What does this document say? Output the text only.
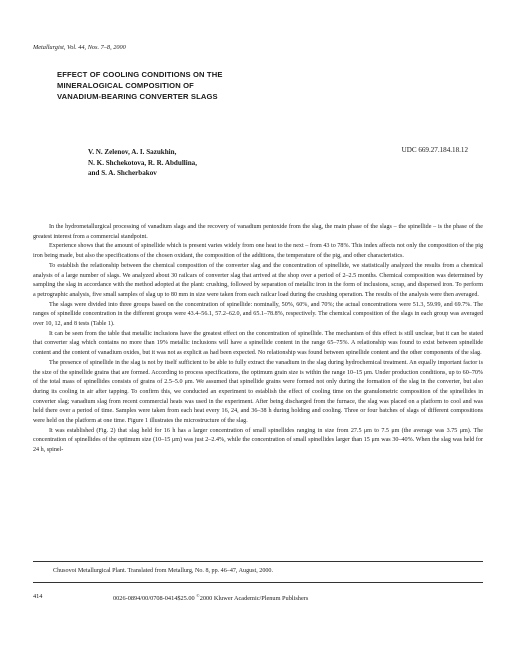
Metallurgist, Vol. 44, Nos. 7–8, 2000
EFFECT OF COOLING CONDITIONS ON THE
MINERALOGICAL COMPOSITION OF
VANADIUM-BEARING CONVERTER SLAGS
V. N. Zelenov, A. I. Sazukhin,
N. K. Shchekotova, R. R. Abdullina,
and S. A. Shcherbakov
UDC 669.27.184.18.12

In the hydrometallurgical processing of vanadium slags and the recovery of vanadium pentoxide from the slag, the main phase of the slags – the spinellide – is the phase of the greatest interest from a commercial standpoint.

Experience shows that the amount of spinellide which is present varies widely from one heat to the next – from 43 to 78%. This index affects not only the composition of the pig iron being made, but also the specifications of the chosen oxidant, the composition of the additions, the temperature of the pig, and other characteristics.

To establish the relationship between the chemical composition of the converter slag and the concentration of spinellide, we statistically analyzed the results from a chemical analysis of a large number of slags. We analyzed about 30 railcars of converter slag that arrived at the shop over a period of 2–2.5 months. Chemical composition was determined by sampling the slag in accordance with the method adopted at the plant: crushing, followed by separation of metallic iron in the form of inclusions, scrap, and dispersed iron. To perform a petrographic analysis, five small samples of slag up to 80 mm in size were taken from each railcar load during the crushing operation. The results of the analysis were then averaged.

The slags were divided into three groups based on the concentration of spinellide: nominally, 50%, 60%, and 70%; the actual concentrations were 51.3, 59.99, and 69.7%. The ranges of spinellide concentration in the different groups were 43.4–56.1, 57.2–62.0, and 65.1–78.8%, respectively. The chemical composition of the slags in each group was averaged over 10, 12, and 8 tests (Table 1).

It can be seen from the table that metallic inclusions have the greatest effect on the concentration of spinellide. The mechanism of this effect is still unclear, but it can be stated that converter slag which contains no more than 19% metallic inclusions will have a spinellide content in the range 65–75%. A relationship was found to exist between spinellide content and the content of vanadium oxides, but it was not as explicit as had been expected. No relationship was found between spinellide content and the other components of the slag.

The presence of spinellide in the slag is not by itself sufficient to be able to fully extract the vanadium in the slag during hydrochemical treatment. An equally important factor is the size of the spinellide grains that are formed. According to process specifications, the optimum grain size is within the range 10–15 μm. Under production conditions, up to 60–70% of the total mass of spinellides consists of grains of 2.5–5.0 μm. We assumed that spinellide grains were formed not only during the formation of the slag in the converter, but also during its cooling in air after tapping. To confirm this, we conducted an experiment to establish the effect of cooling time on the granulometric composition of the spinellides in converter slag; vanadium slag from recent commercial heats was used in the experiment. After being discharged from the furnace, the slag was placed on a platform to cool and was held there over a period of time. Samples were taken from each heat every 16, 24, and 36–38 h during holding and cooling. Three or four batches of slags of different compositions were held on the platform at one time. Figure 1 illustrates the microstructure of the slag.

It was established (Fig. 2) that slag held for 16 h has a larger concentration of small spinellides ranging in size from 27.5 μm to 7.5 μm (the average was 3.75 μm). The concentration of spinellides of the optimum size (10–15 μm) was just 2–2.4%, while the concentration of small spinellides larger than 15 μm was 30–40%. When the slag was held for 24 h, spinel-

Chusovoi Metallurgical Plant. Translated from Metallurg, No. 8, pp. 46–47, August, 2000.
414	0026-0894/00/0708-0414$25.00 ©2000 Kluwer Academic/Plenum Publishers
